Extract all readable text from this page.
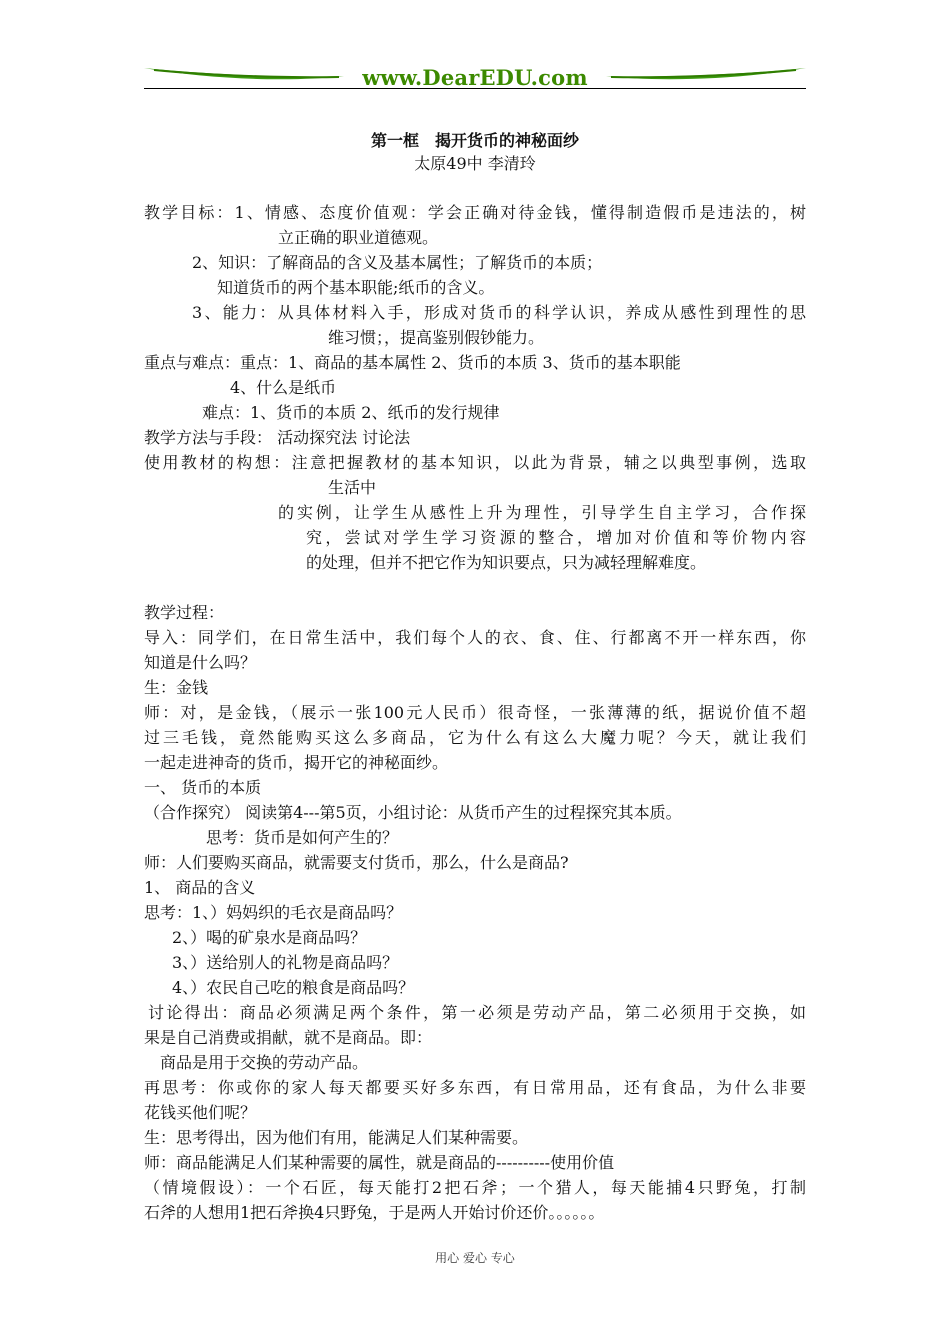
www.DearEDU.com
第一框　揭开货币的神秘面纱
太原49中 李清玲
教学目标：1、情感、态度价值观：学会正确对待金钱，懂得制造假币是违法的，树
立正确的职业道德观。
2、知识：了解商品的含义及基本属性；了解货币的本质；
知道货币的两个基本职能;纸币的含义。
3、能力：从具体材料入手，形成对货币的科学认识，养成从感性到理性的思
维习惯；，提高鉴别假钞能力。
重点与难点：重点：1、商品的基本属性 2、货币的本质 3、货币的基本职能
4、什么是纸币
难点：1、货币的本质 2、纸币的发行规律
教学方法与手段： 活动探究法 讨论法
使用教材的构想：注意把握教材的基本知识，以此为背景，辅之以典型事例，选取
生活中
的实例，让学生从感性上升为理性，引导学生自主学习，合作探
究，尝试对学生学习资源的整合，增加对价值和等价物内容
的处理，但并不把它作为知识要点，只为减轻理解难度。
教学过程：
导入：同学们，在日常生活中，我们每个人的衣、食、住、行都离不开一样东西，你
知道是什么吗？
生：金钱
师：对，是金钱，（展示一张100元人民币）很奇怪，一张薄薄的纸，据说价值不超
过三毛钱，竟然能购买这么多商品，它为什么有这么大魔力呢？今天，就让我们
一起走进神奇的货币，揭开它的神秘面纱。
一、 货币的本质
（合作探究） 阅读第4---第5页，小组讨论：从货币产生的过程探究其本质。
思考：货币是如何产生的？
师：人们要购买商品，就需要支付货币，那么，什么是商品?
1、 商品的含义
思考：1、）妈妈织的毛衣是商品吗？
2、）喝的矿泉水是商品吗？
3、）送给别人的礼物是商品吗？
4、）农民自己吃的粮食是商品吗？
讨论得出：商品必须满足两个条件，第一必须是劳动产品，第二必须用于交换，如
果是自己消费或捐献，就不是商品。即：
商品是用于交换的劳动产品。
再思考：你或你的家人每天都要买好多东西，有日常用品，还有食品，为什么非要
花钱买他们呢？
生：思考得出，因为他们有用，能满足人们某种需要。
师：商品能满足人们某种需要的属性，就是商品的----------使用价值
（情境假设）：一个石匠，每天能打2把石斧；一个猎人，每天能捕4只野兔，打制
石斧的人想用1把石斧换4只野兔，于是两人开始讨价还价。。。。。。
用心 爱心 专心
